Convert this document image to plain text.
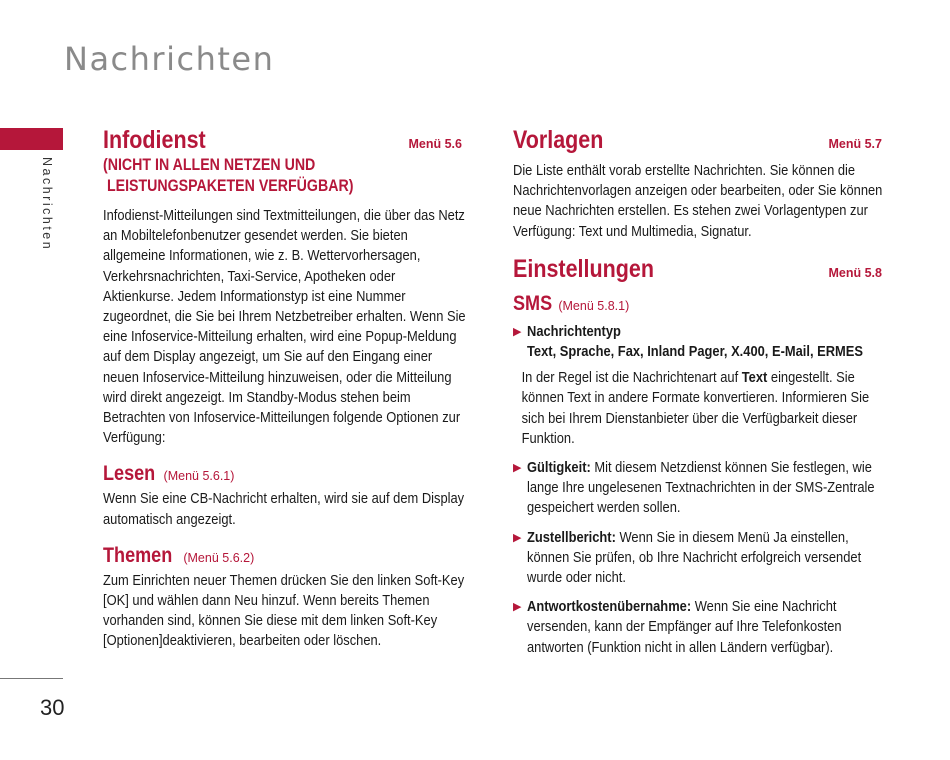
Nachrichten
Nachrichten
30
Infodienst	Menü 5.6
(NICHT IN ALLEN NETZEN UND
LEISTUNGSPAKETEN VERFÜGBAR)

Infodienst-Mitteilungen sind Textmitteilungen, die über das Netz an Mobiltelefonbenutzer gesendet werden. Sie bieten allgemeine Informationen, wie z. B. Wettervorhersagen, Verkehrsnachrichten, Taxi-Service, Apotheken oder Aktienkurse. Jedem Informationstyp ist eine Nummer zugeordnet, die Sie bei Ihrem Netzbetreiber erhalten. Wenn Sie eine Infoservice-Mitteilung erhalten, wird eine Popup-Meldung auf dem Display angezeigt, um Sie auf den Eingang einer neuen Infoservice-Mitteilung hinzuweisen, oder die Mitteilung wird direkt angezeigt. Im Standby-Modus stehen beim Betrachten von Infoservice-Mitteilungen folgende Optionen zur Verfügung:

Lesen (Menü 5.6.1)

Wenn Sie eine CB-Nachricht erhalten, wird sie auf dem Display automatisch angezeigt.

Themen (Menü 5.6.2)

Zum Einrichten neuer Themen drücken Sie den linken Soft-Key [OK] und wählen dann Neu hinzuf. Wenn bereits Themen vorhanden sind, können Sie diese mit dem linken Soft-Key [Optionen]deaktivieren, bearbeiten oder löschen.

Vorlagen	Menü 5.7

Die Liste enthält vorab erstellte Nachrichten. Sie können die Nachrichtenvorlagen anzeigen oder bearbeiten, oder Sie können neue Nachrichten erstellen. Es stehen zwei Vorlagentypen zur Verfügung: Text und Multimedia, Signatur.

Einstellungen	Menü 5.8
SMS (Menü 5.8.1)
▶ Nachrichtentyp
Text, Sprache, Fax, Inland Pager, X.400, E-Mail, ERMES

In der Regel ist die Nachrichtenart auf Text eingestellt. Sie können Text in andere Formate konvertieren. Informieren Sie sich bei Ihrem Dienstanbieter über die Verfügbarkeit dieser Funktion.

▶ Gültigkeit: Mit diesem Netzdienst können Sie festlegen, wie lange Ihre ungelesenen Textnachrichten in der SMS-Zentrale gespeichert werden sollen.

▶ Zustellbericht: Wenn Sie in diesem Menü Ja einstellen, können Sie prüfen, ob Ihre Nachricht erfolgreich versendet wurde oder nicht.

▶ Antwortkostenübernahme: Wenn Sie eine Nachricht versenden, kann der Empfänger auf Ihre Telefonkosten antworten (Funktion nicht in allen Ländern verfügbar).
